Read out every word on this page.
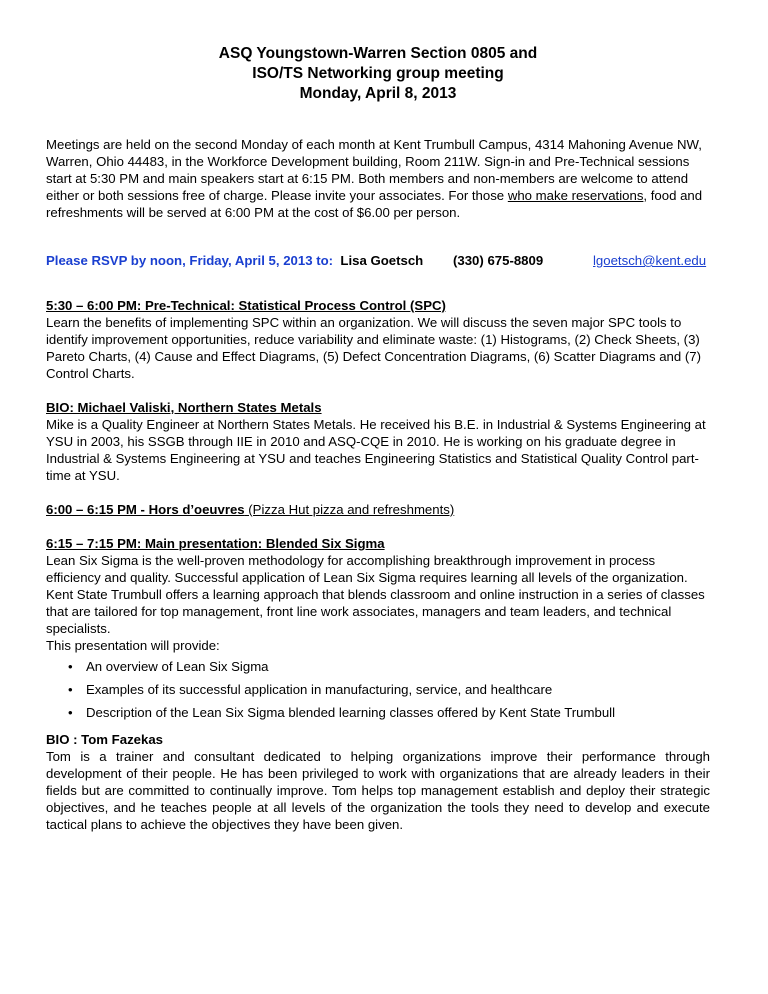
ASQ Youngstown-Warren Section 0805 and
ISO/TS Networking group meeting
Monday, April 8, 2013

Meetings are held on the second Monday of each month at Kent Trumbull Campus, 4314 Mahoning Avenue NW, Warren, Ohio 44483, in the Workforce Development building, Room 211W. Sign-in and Pre-Technical sessions start at 5:30 PM and main speakers start at 6:15 PM. Both members and non-members are welcome to attend either or both sessions free of charge. Please invite your associates. For those who make reservations, food and refreshments will be served at 6:00 PM at the cost of $6.00 per person.

Please RSVP by noon, Friday, April 5, 2013 to: Lisa Goetsch (330) 675-8809	lgoetsch@kent.edu
5:30 – 6:00 PM: Pre-Technical: Statistical Process Control (SPC)

Learn the benefits of implementing SPC within an organization. We will discuss the seven major SPC tools to identify improvement opportunities, reduce variability and eliminate waste: (1) Histograms, (2) Check Sheets, (3) Pareto Charts, (4) Cause and Effect Diagrams, (5) Defect Concentration Diagrams, (6) Scatter Diagrams and (7) Control Charts.

BIO: Michael Valiski, Northern States Metals

Mike is a Quality Engineer at Northern States Metals. He received his B.E. in Industrial & Systems Engineering at YSU in 2003, his SSGB through IIE in 2010 and ASQ-CQE in 2010. He is working on his graduate degree in Industrial & Systems Engineering at YSU and teaches Engineering Statistics and Statistical Quality Control part-time at YSU.

6:00 – 6:15 PM - Hors d’oeuvres (Pizza Hut pizza and refreshments)
6:15 – 7:15 PM: Main presentation: Blended Six Sigma

Lean Six Sigma is the well-proven methodology for accomplishing breakthrough improvement in process efficiency and quality. Successful application of Lean Six Sigma requires learning all levels of the organization. Kent State Trumbull offers a learning approach that blends classroom and online instruction in a series of classes that are tailored for top management, front line work associates, managers and team leaders, and technical specialists.

This presentation will provide:

• An overview of Lean Six Sigma
• Examples of its successful application in manufacturing, service, and healthcare
• Description of the Lean Six Sigma blended learning classes offered by Kent State Trumbull
BIO : Tom Fazekas

Tom is a trainer and consultant dedicated to helping organizations improve their performance through development of their people. He has been privileged to work with organizations that are already leaders in their fields but are committed to continually improve. Tom helps top management establish and deploy their strategic objectives, and he teaches people at all levels of the organization the tools they need to develop and execute tactical plans to achieve the objectives they have been given.
